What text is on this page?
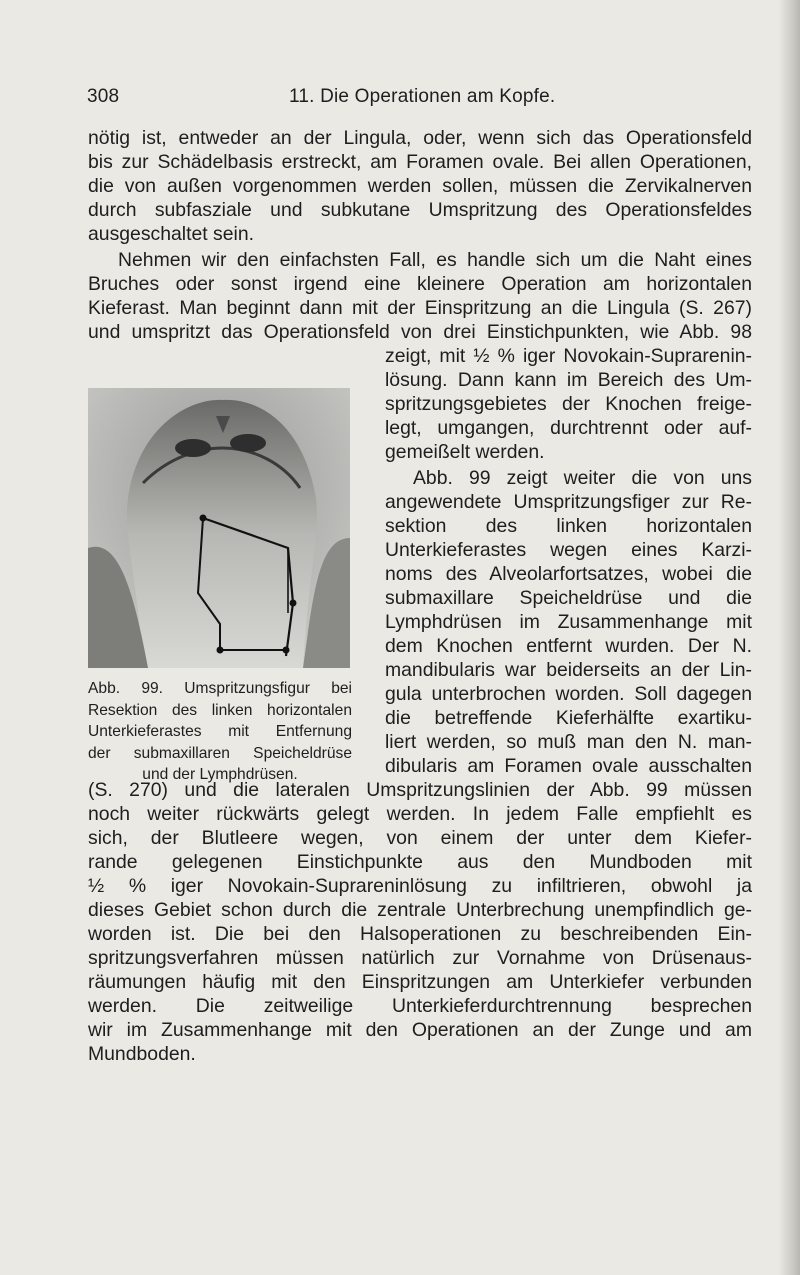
308	11. Die Operationen am Kopfe.
nötig ist, entweder an der Lingula, oder, wenn sich das Operationsfeld
bis zur Schädelbasis erstreckt, am Foramen ovale. Bei allen Operationen,
die von außen vorgenommen werden sollen, müssen die Zervikalnerven
durch subfasziale und subkutane Umspritzung des Operationsfeldes
ausgeschaltet sein.
Nehmen wir den einfachsten Fall, es handle sich um die Naht eines
Bruches oder sonst irgend eine kleinere Operation am horizontalen
Kieferast. Man beginnt dann mit der Einspritzung an die Lingula (S. 267)
und umspritzt das Operationsfeld von drei Einstichpunkten, wie Abb. 98
Abb. 99. Umspritzungsfigur bei
Resektion des linken horizontalen
Unterkieferastes mit Entfernung
der submaxillaren Speicheldrüse
und der Lymphdrüsen.
zeigt, mit ½ % iger Novokain-Suprarenin-
lösung. Dann kann im Bereich des Um-
spritzungsgebietes der Knochen freige-
legt, umgangen, durchtrennt oder auf-
gemeißelt werden.
Abb. 99 zeigt weiter die von uns
angewendete Umspritzungsfiger zur Re-
sektion des linken horizontalen
Unterkieferastes wegen eines Karzi-
noms des Alveolarfortsatzes, wobei die
submaxillare Speicheldrüse und die
Lymphdrüsen im Zusammenhange mit
dem Knochen entfernt wurden. Der N.
mandibularis war beiderseits an der Lin-
gula unterbrochen worden. Soll dagegen
die betreffende Kieferhälfte exartiku-
liert werden, so muß man den N. man-
dibularis am Foramen ovale ausschalten
(S. 270) und die lateralen Umspritzungslinien der Abb. 99 müssen
noch weiter rückwärts gelegt werden. In jedem Falle empfiehlt es
sich, der Blutleere wegen, von einem der unter dem Kiefer-
rande gelegenen Einstichpunkte aus den Mundboden mit
½ % iger Novokain-Suprareninlösung zu infiltrieren, obwohl ja
dieses Gebiet schon durch die zentrale Unterbrechung unempfindlich ge-
worden ist. Die bei den Halsoperationen zu beschreibenden Ein-
spritzungsverfahren müssen natürlich zur Vornahme von Drüsenaus-
räumungen häufig mit den Einspritzungen am Unterkiefer verbunden
werden. Die zeitweilige Unterkieferdurchtrennung besprechen
wir im Zusammenhange mit den Operationen an der Zunge und am
Mundboden.
